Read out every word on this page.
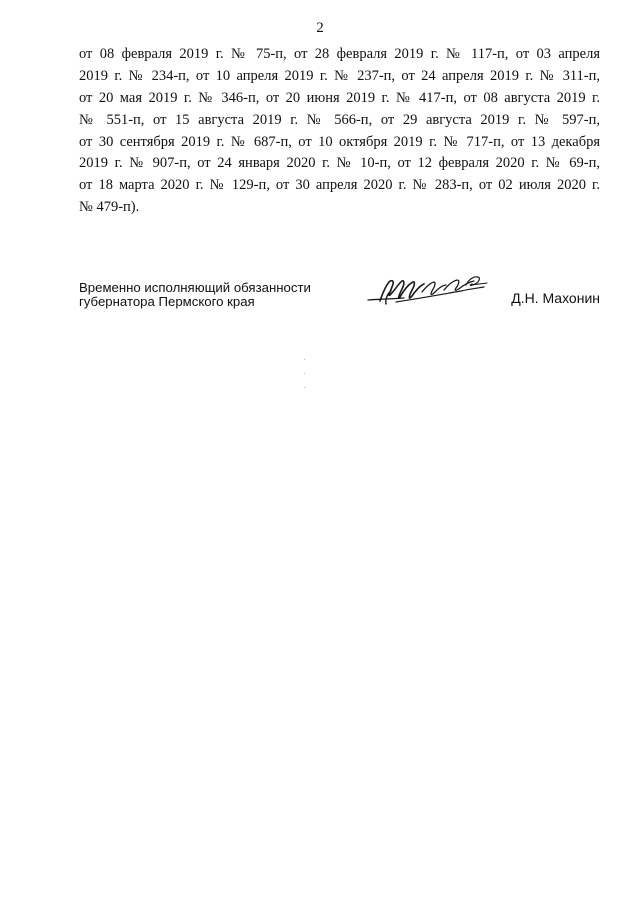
2
от 08 февраля 2019 г. № 75-п, от 28 февраля 2019 г. № 117-п, от 03 апреля
2019 г. № 234-п, от 10 апреля 2019 г. № 237-п, от 24 апреля 2019 г. № 311-п,
от 20 мая 2019 г. № 346-п, от 20 июня 2019 г. № 417-п, от 08 августа 2019 г.
№ 551-п, от 15 августа 2019 г. № 566-п, от 29 августа 2019 г. № 597-п,
от 30 сентября 2019 г. № 687-п, от 10 октября 2019 г. № 717-п, от 13 декабря
2019 г. № 907-п, от 24 января 2020 г. № 10-п, от 12 февраля 2020 г. № 69-п,
от 18 марта 2020 г. № 129-п, от 30 апреля 2020 г. № 283-п, от 02 июля 2020 г.
№ 479-п).
Временно исполняющий обязанности
губернатора Пермского края	Д.Н. Махонин
